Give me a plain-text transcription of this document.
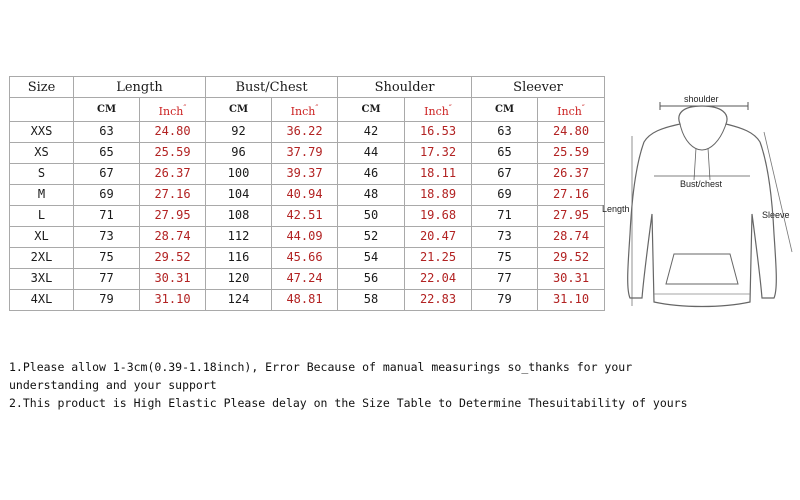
Size	Length		Bust/Chest		Shoulder		Sleever	
	CM	Inch″	CM	Inch″	CM	Inch″	CM	Inch″
XXS	63	24.80	92	36.22	42	16.53	63	24.80
XS	65	25.59	96	37.79	44	17.32	65	25.59
S	67	26.37	100	39.37	46	18.11	67	26.37
M	69	27.16	104	40.94	48	18.89	69	27.16
L	71	27.95	108	42.51	50	19.68	71	27.95
XL	73	28.74	112	44.09	52	20.47	73	28.74
2XL	75	29.52	116	45.66	54	21.25	75	29.52
3XL	77	30.31	120	47.24	56	22.04	77	30.31
4XL	79	31.10	124	48.81	58	22.83	79	31.10
shoulder
Length
Sleeve
Bust/chest

1.Please allow 1-3cm(0.39-1.18inch), Error Because of manual measurings so_thanks for your

understanding and your support

2.This product is High Elastic Please delay on the Size Table to Determine Thesuitability of yours
